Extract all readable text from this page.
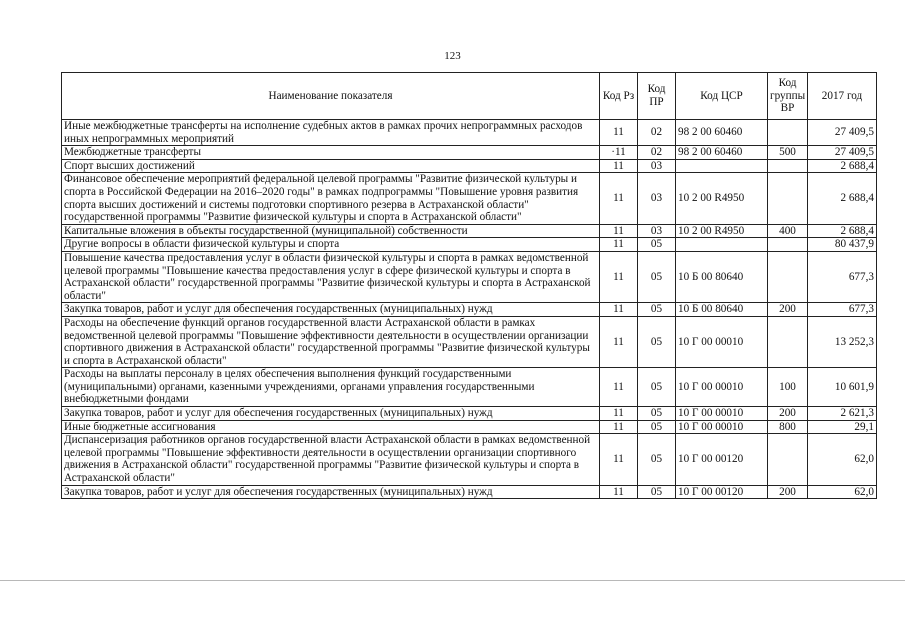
123
Наименование показателя	Код Рз	Код ПР	Код ЦСР	Код группы ВР	2017 год
Иные межбюджетные трансферты на исполнение судебных актов в рамках прочих непрограммных расходов иных непрограммных мероприятий	11	02	98 2 00 60460		27 409,5
Межбюджетные трансферты	·11	02	98 2 00 60460	500	27 409,5
Спорт высших достижений	11	03			2 688,4
Финансовое обеспечение мероприятий федеральной целевой программы "Развитие физической культуры и спорта в Российской Федерации на 2016–2020 годы" в рамках подпрограммы "Повышение уровня развития спорта высших достижений и системы подготовки спортивного резерва в Астраханской области" государственной программы "Развитие физической культуры и спорта в Астраханской области"	11	03	10 2 00 R4950		2 688,4
Капитальные вложения в объекты государственной (муниципальной) собственности	11	03	10 2 00 R4950	400	2 688,4
Другие вопросы в области физической культуры и спорта	11	05			80 437,9
Повышение качества предоставления услуг в области физической культуры и спорта в рамках ведомственной целевой программы "Повышение качества предоставления услуг в сфере физической культуры и спорта в Астраханской области" государственной программы "Развитие физической культуры и спорта в Астраханской области"	11	05	10 Б 00 80640		677,3
Закупка товаров, работ и услуг для обеспечения государственных (муниципальных) нужд	11	05	10 Б 00 80640	200	677,3
Расходы на обеспечение функций органов государственной власти Астраханской области в рамках ведомственной целевой программы "Повышение эффективности деятельности в осуществлении организации спортивного движения в Астраханской области" государственной программы "Развитие физической культуры и спорта в Астраханской области"	11	05	10 Г 00 00010		13 252,3
Расходы на выплаты персоналу в целях обеспечения выполнения функций государственными (муниципальными) органами, казенными учреждениями, органами управления государственными внебюджетными фондами	11	05	10 Г 00 00010	100	10 601,9
Закупка товаров, работ и услуг для обеспечения государственных (муниципальных) нужд	11	05	10 Г 00 00010	200	2 621,3
Иные бюджетные ассигнования	11	05	10 Г 00 00010	800	29,1
Диспансеризация работников органов государственной власти Астраханской области в рамках ведомственной целевой программы "Повышение эффективности деятельности в осуществлении организации спортивного движения в Астраханской области" государственной программы "Развитие физической культуры и спорта в Астраханской области"	11	05	10 Г 00 00120		62,0
Закупка товаров, работ и услуг для обеспечения государственных (муниципальных) нужд	11	05	10 Г 00 00120	200	62,0
